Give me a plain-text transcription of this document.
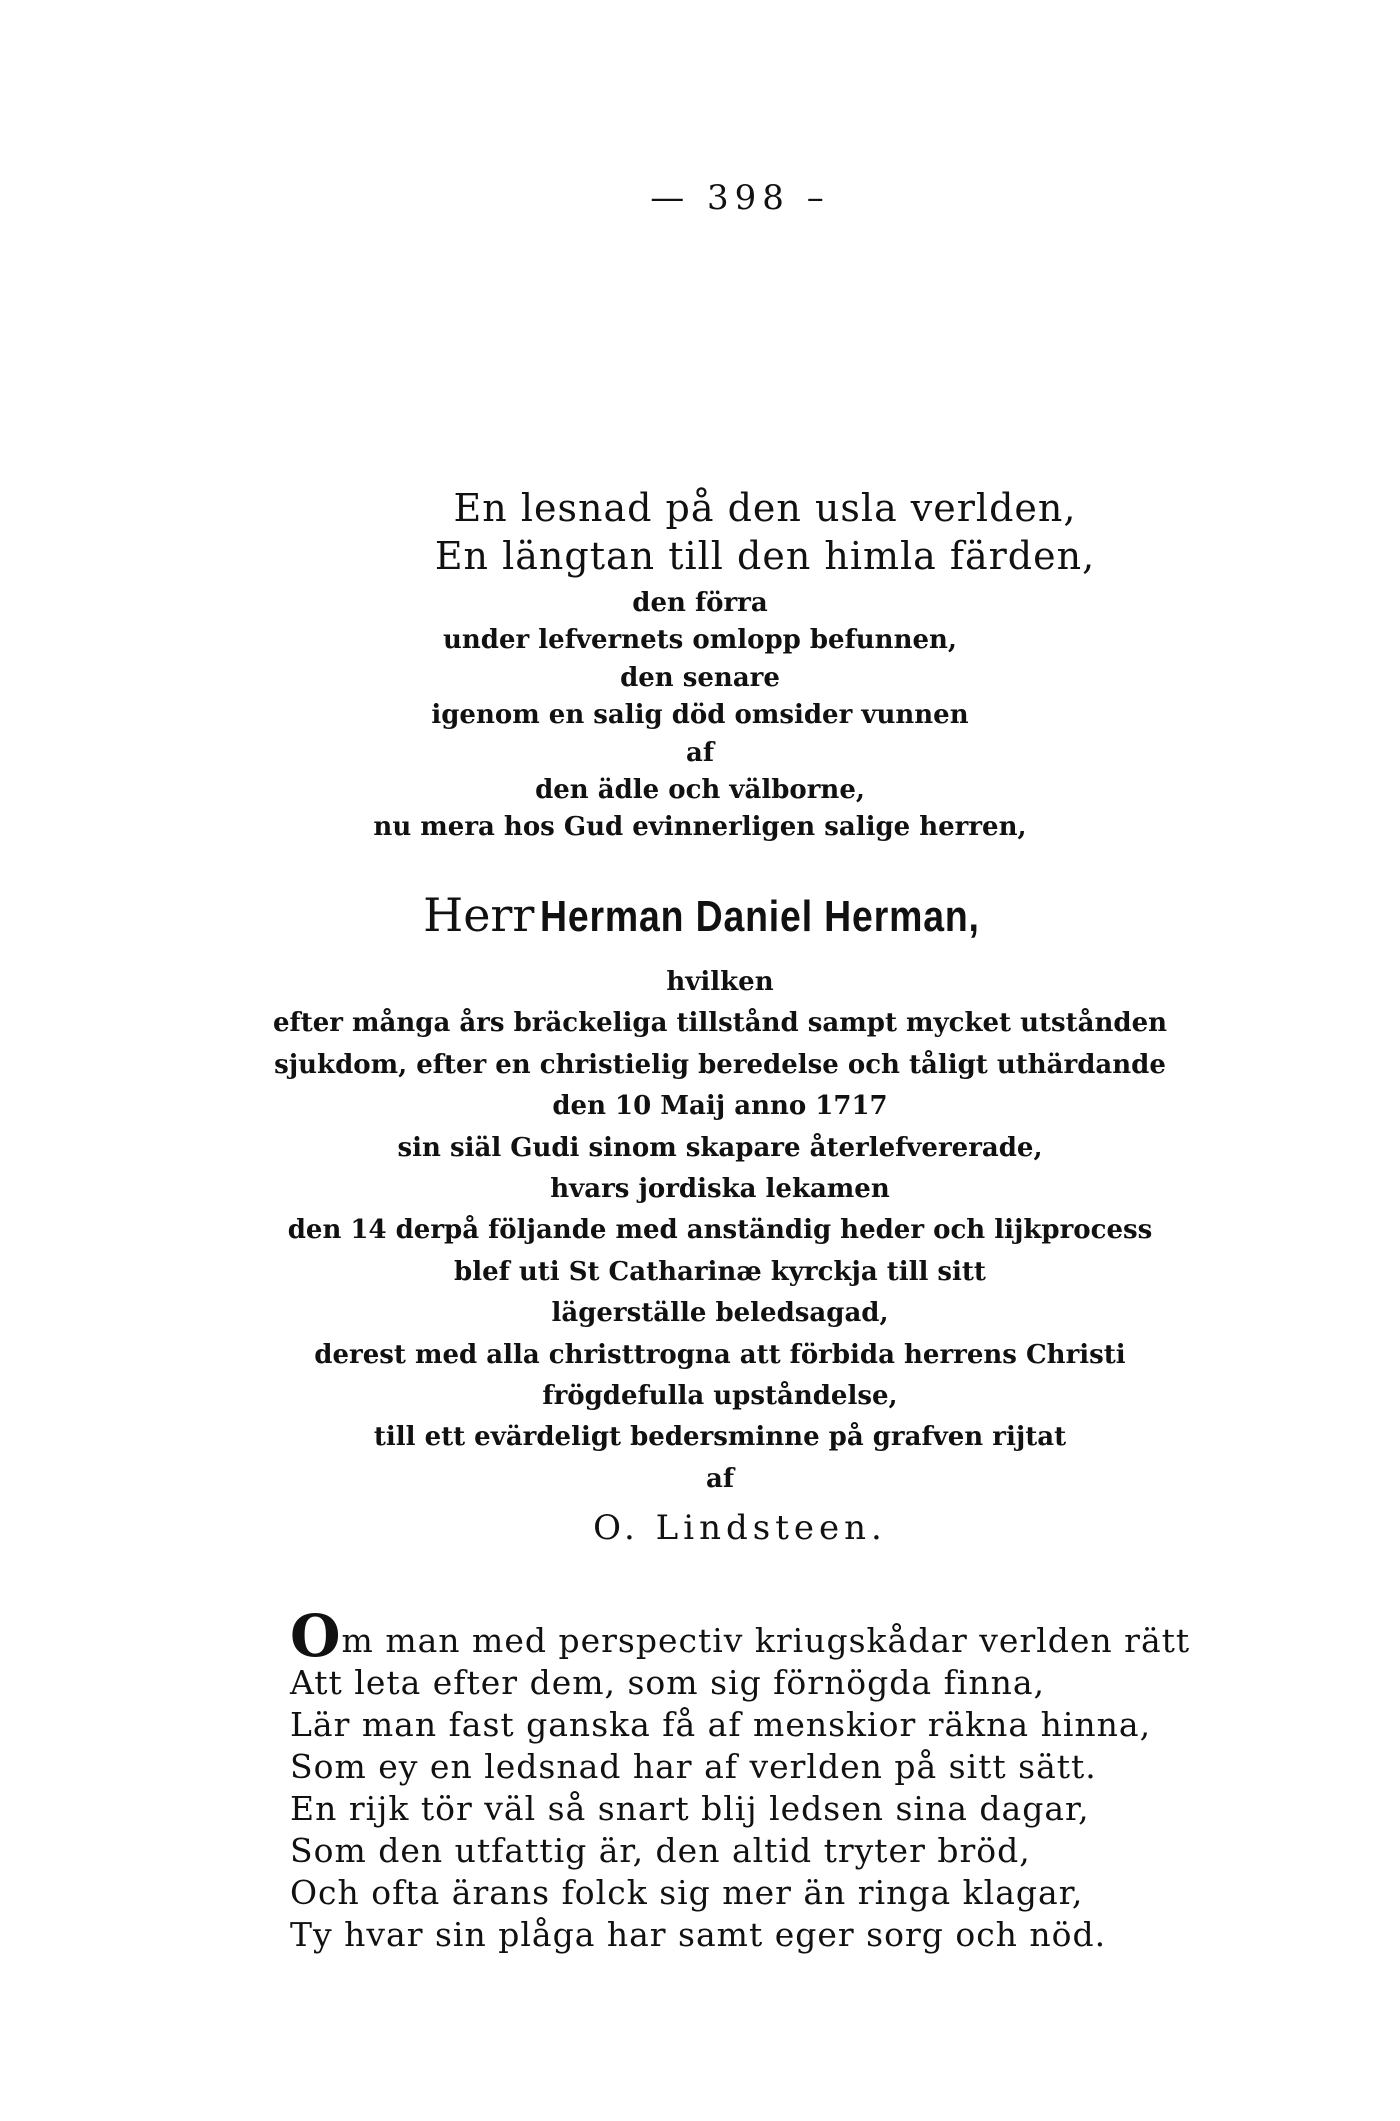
— 398 –
En lesnad på den usla verlden,
En längtan till den himla färden,
den förra
under lefvernets omlopp befunnen,
den senare
igenom en salig död omsider vunnen
af
den ädle och välborne,
nu mera hos Gud evinnerligen salige herren,
Herr Herman Daniel Herman,
hvilken
efter många års bräckeliga tillstånd sampt mycket utstånden
sjukdom, efter en christielig beredelse och tåligt uthärdande
den 10 Maij anno 1717
sin siäl Gudi sinom skapare återlefvererade,
hvars jordiska lekamen
den 14 derpå följande med anständig heder och lijkprocess
blef uti St Catharinæ kyrckja till sitt
lägerställe beledsagad,
derest med alla christtrogna att förbida herrens Christi
frögdefulla upståndelse,
till ett evärdeligt bedersminne på grafven rijtat
af
O. Lindsteen.
Om man med perspectiv kriugskådar verlden rätt
Att leta efter dem, som sig förnögda finna,
Lär man fast ganska få af menskior räkna hinna,
Som ey en ledsnad har af verlden på sitt sätt.
En rijk tör väl så snart blij ledsen sina dagar,
Som den utfattig är, den altid tryter bröd,
Och ofta ärans folck sig mer än ringa klagar,
Ty hvar sin plåga har samt eger sorg och nöd.
